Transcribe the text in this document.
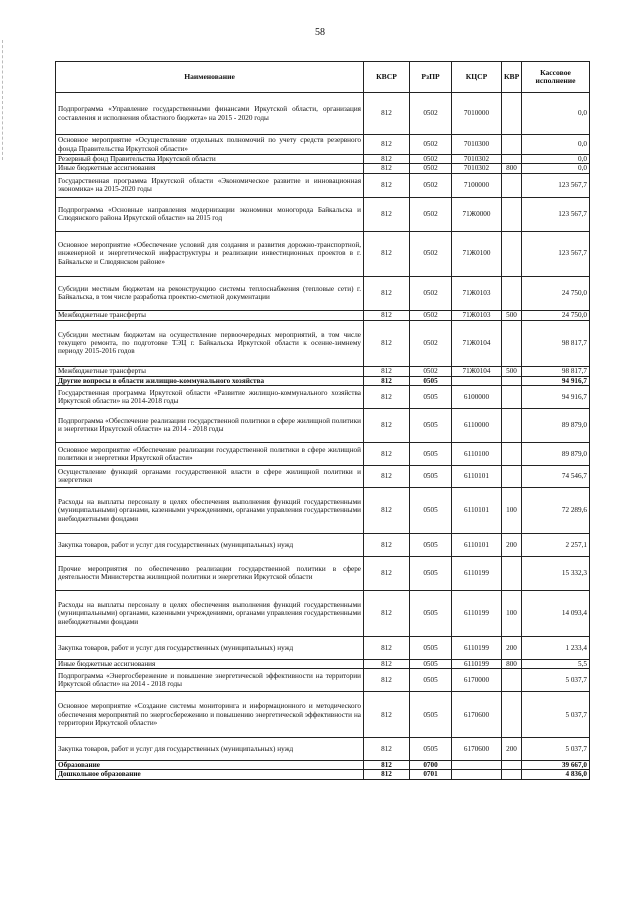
58
Наименование	КВСР	РзПР	КЦСР	КВР	Кассовое исполнение
Подпрограмма «Управление государственными финансами Иркутской области, организация составления и исполнения областного бюджета» на 2015 - 2020 годы	812	0502	7010000		0,0
Основное мероприятие «Осуществление отдельных полномочий по учету средств резервного фонда Правительства Иркутской области»	812	0502	7010300		0,0
Резервный фонд Правительства Иркутской области	812	0502	7010302		0,0
Иные бюджетные ассигнования	812	0502	7010302	800	0,0
Государственная программа Иркутской области «Экономическое развитие и инновационная экономика» на 2015-2020 годы	812	0502	7100000		123 567,7
Подпрограмма «Основные направления модернизации экономики моногорода Байкальска и Слюдянского района Иркутской области» на 2015 год	812	0502	71Ж0000		123 567,7
Основное мероприятие «Обеспечение условий для создания и развития дорожно-транспортной, инженерной и энергетической инфраструктуры и реализации инвестиционных проектов в г. Байкальске и Слюдянском районе»	812	0502	71Ж0100		123 567,7
Субсидии местным бюджетам на реконструкцию системы теплоснабжения (тепловые сети) г. Байкальска, в том числе разработка проектно-сметной документации	812	0502	71Ж0103		24 750,0
Межбюджетные трансферты	812	0502	71Ж0103	500	24 750,0
Субсидии местным бюджетам на осуществление первоочередных мероприятий, в том числе текущего ремонта, по подготовке ТЭЦ г. Байкальска Иркутской области к осенне-зимнему периоду 2015-2016 годов	812	0502	71Ж0104		98 817,7
Межбюджетные трансферты	812	0502	71Ж0104	500	98 817,7
Другие вопросы в области жилищно-коммунального хозяйства	812	0505			94 916,7
Государственная программа Иркутской области «Развитие жилищно-коммунального хозяйства Иркутской области» на 2014-2018 годы	812	0505	6100000		94 916,7
Подпрограмма «Обеспечение реализации государственной политики в сфере жилищной политики и энергетики Иркутской области» на 2014 - 2018 годы	812	0505	6110000		89 879,0
Основное мероприятие «Обеспечение реализации государственной политики в сфере жилищной политики и энергетики Иркутской области»	812	0505	6110100		89 879,0
Осуществление функций органами государственной власти в сфере жилищной политики и энергетики	812	0505	6110101		74 546,7
Расходы на выплаты персоналу в целях обеспечения выполнения функций государственными (муниципальными) органами, казенными учреждениями, органами управления государственными внебюджетными фондами	812	0505	6110101	100	72 289,6
Закупка товаров, работ и услуг для государственных (муниципальных) нужд	812	0505	6110101	200	2 257,1
Прочие мероприятия по обеспечению реализации государственной политики в сфере деятельности Министерства жилищной политики и энергетики Иркутской области	812	0505	6110199		15 332,3
Расходы на выплаты персоналу в целях обеспечения выполнения функций государственными (муниципальными) органами, казенными учреждениями, органами управления государственными внебюджетными фондами	812	0505	6110199	100	14 093,4
Закупка товаров, работ и услуг для государственных (муниципальных) нужд	812	0505	6110199	200	1 233,4
Иные бюджетные ассигнования	812	0505	6110199	800	5,5
Подпрограмма «Энергосбережение и повышение энергетической эффективности на территории Иркутской области» на 2014 - 2018 годы	812	0505	6170000		5 037,7
Основное мероприятие «Создание системы мониторинга и информационного и методического обеспечения мероприятий по энергосбережению и повышению энергетической эффективности на территории Иркутской области»	812	0505	6170600		5 037,7
Закупка товаров, работ и услуг для государственных (муниципальных) нужд	812	0505	6170600	200	5 037,7
Образование	812	0700			39 667,0
Дошкольное образование	812	0701			4 836,0
